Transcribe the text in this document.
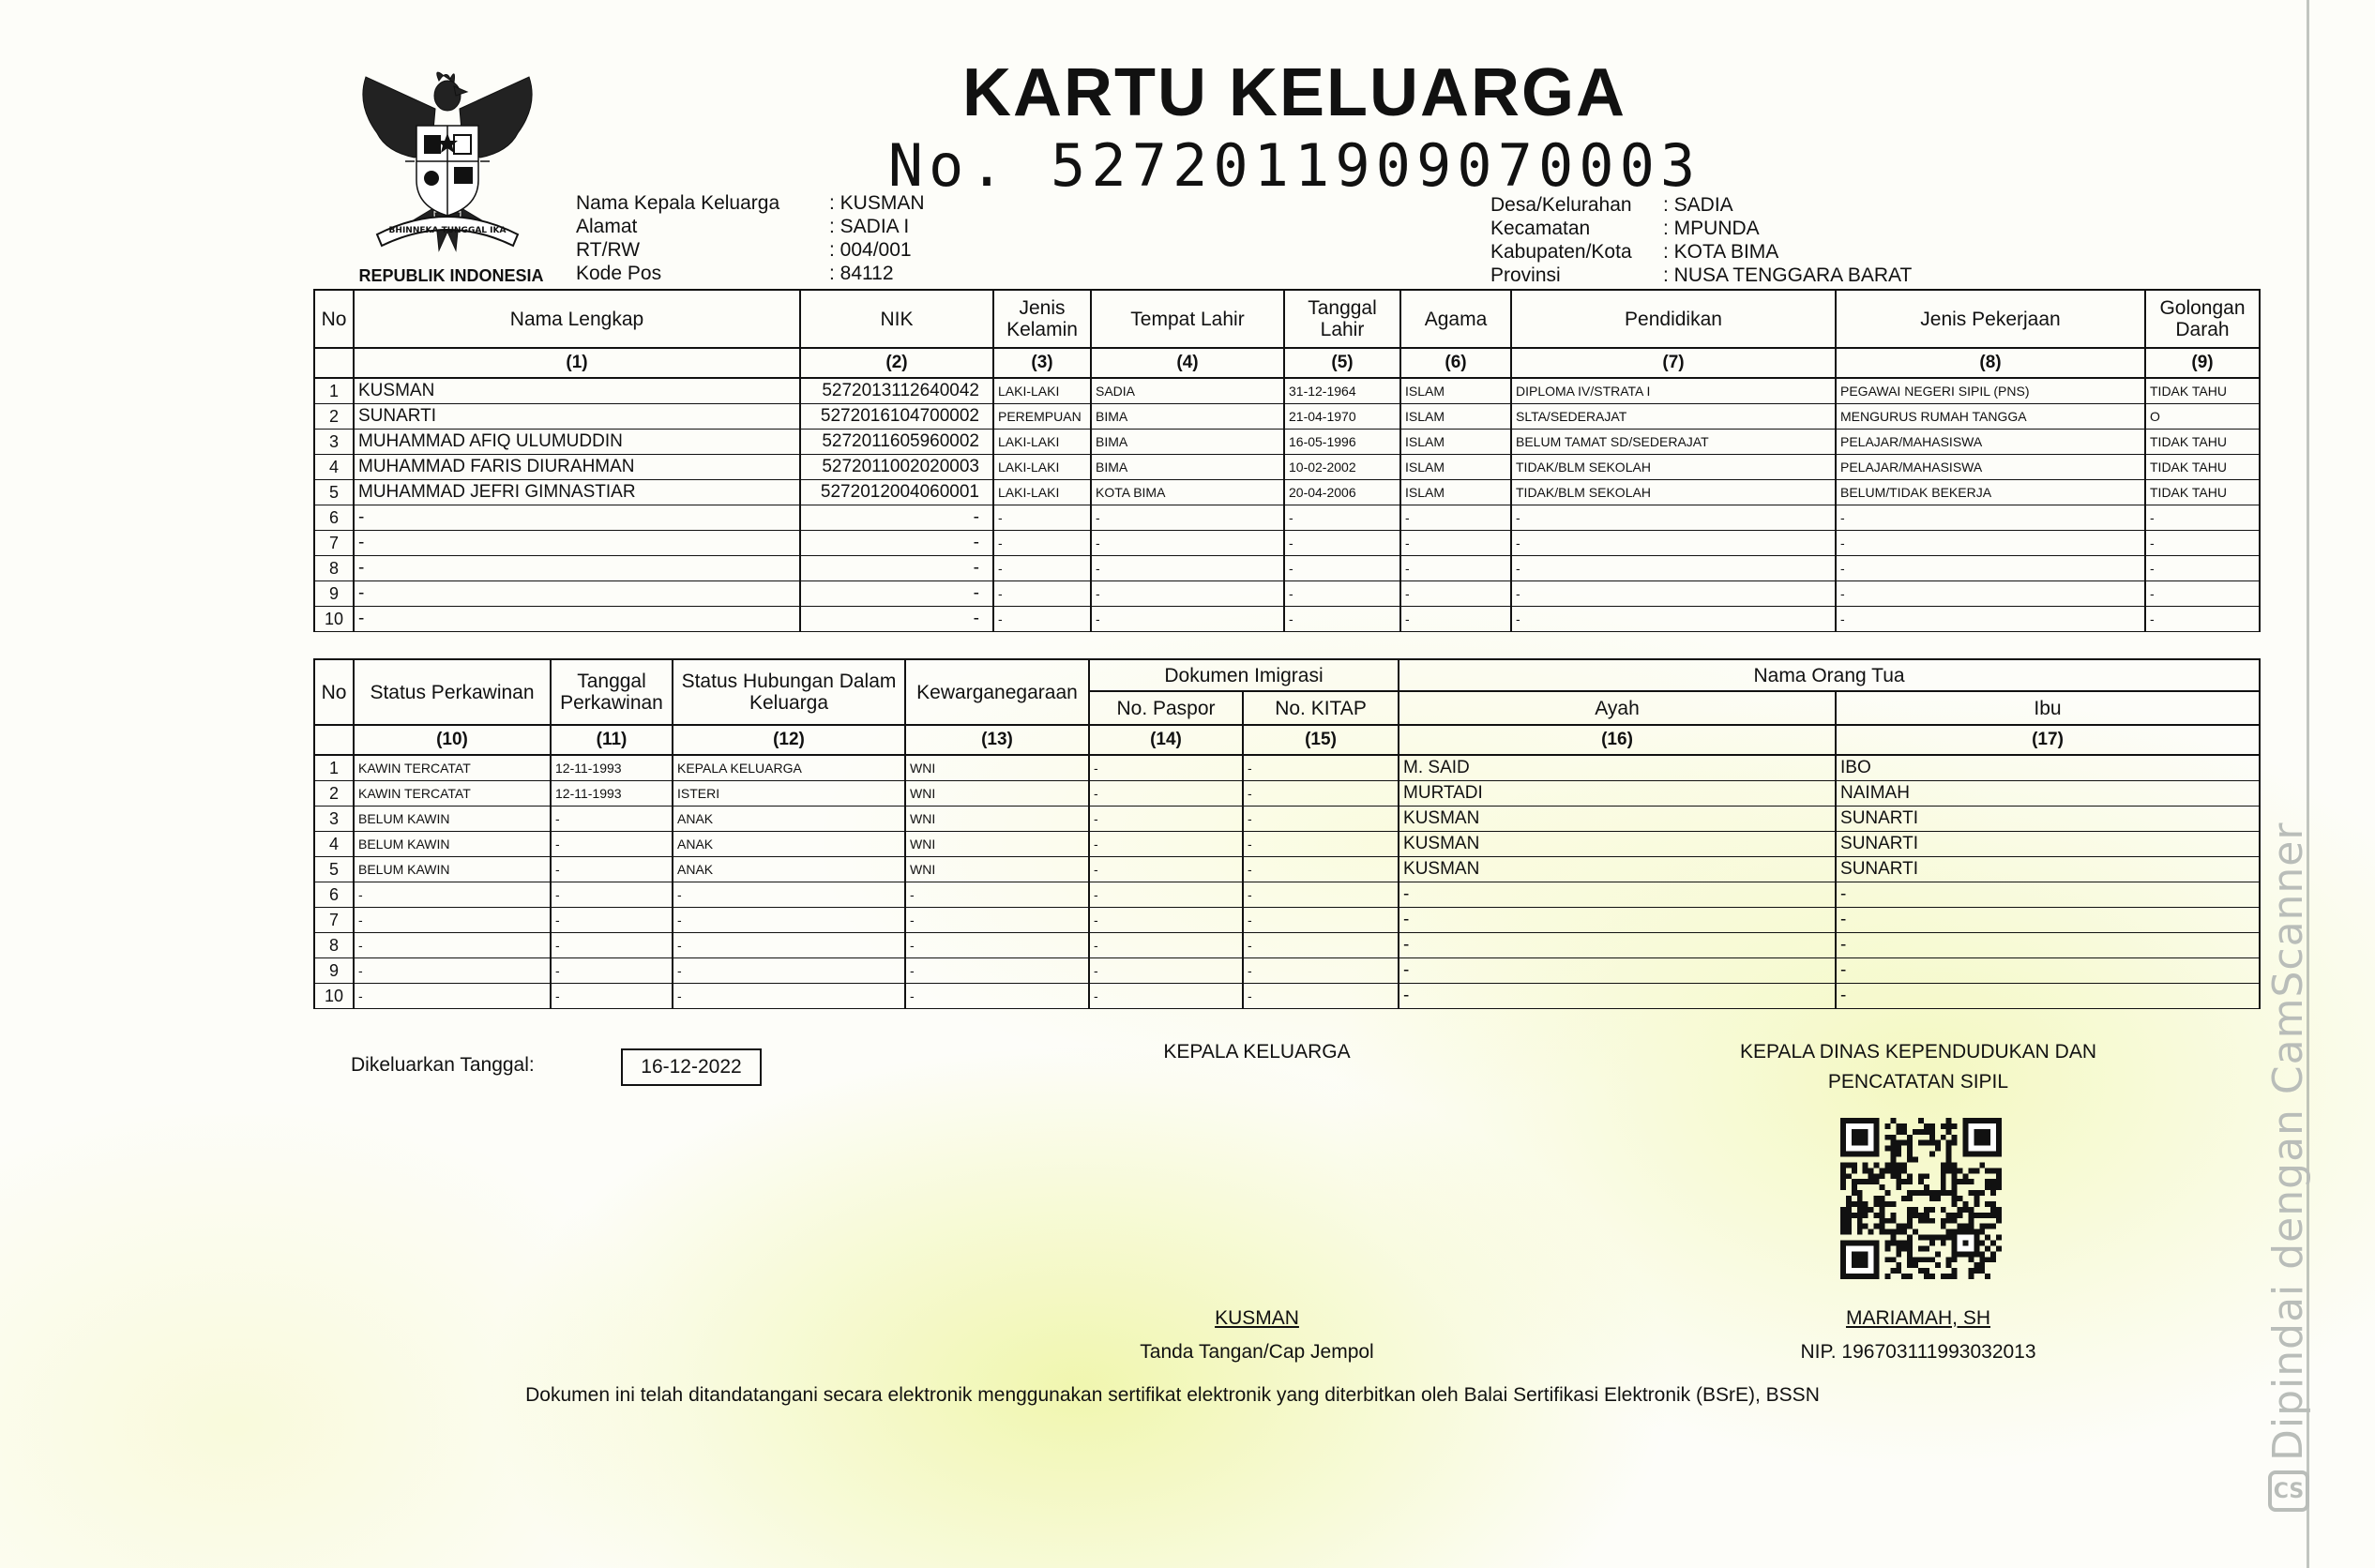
BHINNEKA TUNGGAL IKA
REPUBLIK INDONESIA
KARTU KELUARGA
No. 5272011909070003
Nama Kepala Keluarga	: KUSMAN
Alamat	: SADIA I
RT/RW	: 004/001
Kode Pos	: 84112
Desa/Kelurahan	: SADIA
Kecamatan	: MPUNDA
Kabupaten/Kota	: KOTA BIMA
Provinsi	: NUSA TENGGARA BARAT
No	Nama Lengkap	NIK	Jenis Kelamin	Tempat Lahir	Tanggal Lahir	Agama	Pendidikan	Jenis Pekerjaan	Golongan Darah
	(1)	(2)	(3)	(4)	(5)	(6)	(7)	(8)	(9)
1	KUSMAN	5272013112640042	LAKI-LAKI	SADIA	31-12-1964	ISLAM	DIPLOMA IV/STRATA I	PEGAWAI NEGERI SIPIL (PNS)	TIDAK TAHU
2	SUNARTI	5272016104700002	PEREMPUAN	BIMA	21-04-1970	ISLAM	SLTA/SEDERAJAT	MENGURUS RUMAH TANGGA	O
3	MUHAMMAD AFIQ ULUMUDDIN	5272011605960002	LAKI-LAKI	BIMA	16-05-1996	ISLAM	BELUM TAMAT SD/SEDERAJAT	PELAJAR/MAHASISWA	TIDAK TAHU
4	MUHAMMAD FARIS DIURAHMAN	5272011002020003	LAKI-LAKI	BIMA	10-02-2002	ISLAM	TIDAK/BLM SEKOLAH	PELAJAR/MAHASISWA	TIDAK TAHU
5	MUHAMMAD JEFRI GIMNASTIAR	5272012004060001	LAKI-LAKI	KOTA BIMA	20-04-2006	ISLAM	TIDAK/BLM SEKOLAH	BELUM/TIDAK BEKERJA	TIDAK TAHU
6	-	-	-	-	-	-	-	-	-
7	-	-	-	-	-	-	-	-	-
8	-	-	-	-	-	-	-	-	-
9	-	-	-	-	-	-	-	-	-
10	-	-	-	-	-	-	-	-	-
No	Status Perkawinan	Tanggal Perkawinan	Status Hubungan Dalam Keluarga	Kewarganegaraan	Dokumen Imigrasi		Nama Orang Tua	
					No. Paspor	No. KITAP	Ayah	Ibu
	(10)	(11)	(12)	(13)	(14)	(15)	(16)	(17)
1	KAWIN TERCATAT	12-11-1993	KEPALA KELUARGA	WNI	-	-	M. SAID	IBO
2	KAWIN TERCATAT	12-11-1993	ISTERI	WNI	-	-	MURTADI	NAIMAH
3	BELUM KAWIN	-	ANAK	WNI	-	-	KUSMAN	SUNARTI
4	BELUM KAWIN	-	ANAK	WNI	-	-	KUSMAN	SUNARTI
5	BELUM KAWIN	-	ANAK	WNI	-	-	KUSMAN	SUNARTI
6	-	-	-	-	-	-	-	-
7	-	-	-	-	-	-	-	-
8	-	-	-	-	-	-	-	-
9	-	-	-	-	-	-	-	-
10	-	-	-	-	-	-	-	-
Dikeluarkan Tanggal:	16-12-2022
KEPALA KELUARGA	KEPALA DINAS KEPENDUDUKAN DAN
PENCATATAN SIPIL
KUSMAN	MARIAMAH, SH
Tanda Tangan/Cap Jempol	NIP. 196703111993032013
Dokumen ini telah ditandatangani secara elektronik menggunakan sertifikat elektronik yang diterbitkan oleh Balai Sertifikasi Elektronik (BSrE), BSSN
CS
Dipindai dengan CamScanner
